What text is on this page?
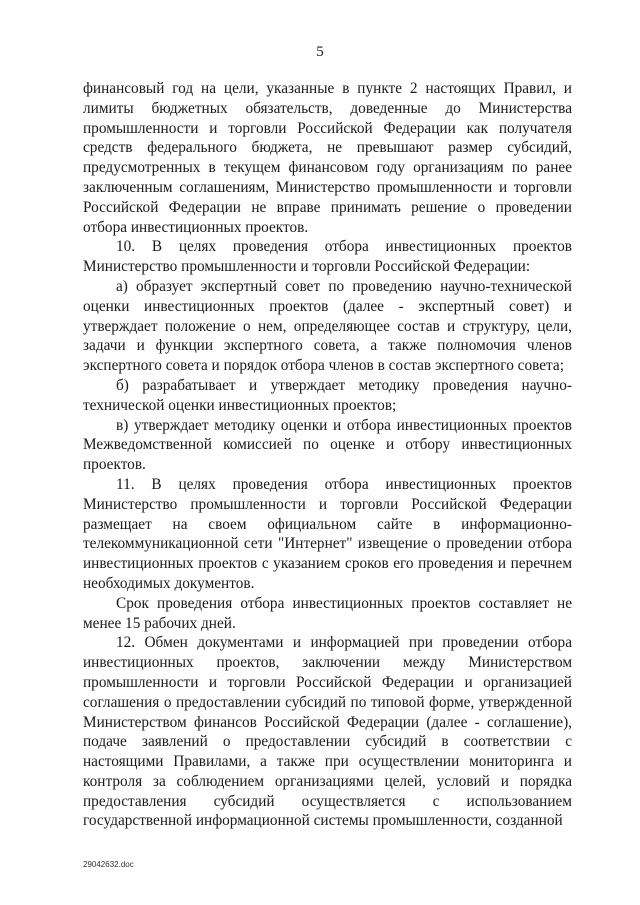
5

финансовый год на цели, указанные в пункте 2 настоящих Правил, и лимиты бюджетных обязательств, доведенные до Министерства промышленности и торговли Российской Федерации как получателя средств федерального бюджета, не превышают размер субсидий, предусмотренных в текущем финансовом году организациям по ранее заключенным соглашениям, Министерство промышленности и торговли Российской Федерации не вправе принимать решение о проведении отбора инвестиционных проектов.

10. В целях проведения отбора инвестиционных проектов Министерство промышленности и торговли Российской Федерации:

а) образует экспертный совет по проведению научно-технической оценки инвестиционных проектов (далее - экспертный совет) и утверждает положение о нем, определяющее состав и структуру, цели, задачи и функции экспертного совета, а также полномочия членов экспертного совета и порядок отбора членов в состав экспертного совета;

б) разрабатывает и утверждает методику проведения научно-технической оценки инвестиционных проектов;

в) утверждает методику оценки и отбора инвестиционных проектов Межведомственной комиссией по оценке и отбору инвестиционных проектов.

11. В целях проведения отбора инвестиционных проектов Министерство промышленности и торговли Российской Федерации размещает на своем официальном сайте в информационно-телекоммуникационной сети "Интернет" извещение о проведении отбора инвестиционных проектов с указанием сроков его проведения и перечнем необходимых документов.

Срок проведения отбора инвестиционных проектов составляет не менее 15 рабочих дней.

12. Обмен документами и информацией при проведении отбора инвестиционных проектов, заключении между Министерством промышленности и торговли Российской Федерации и организацией соглашения о предоставлении субсидий по типовой форме, утвержденной Министерством финансов Российской Федерации (далее - соглашение), подаче заявлений о предоставлении субсидий в соответствии с настоящими Правилами, а также при осуществлении мониторинга и контроля за соблюдением организациями целей, условий и порядка предоставления субсидий осуществляется с использованием государственной информационной системы промышленности, созданной

29042632.doc
